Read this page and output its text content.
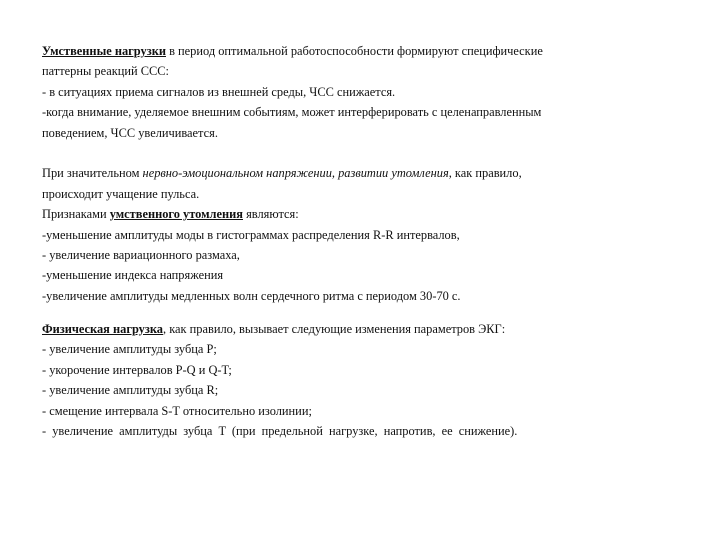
Умственные нагрузки в период оптимальной работоспособности формируют специфические
паттерны реакций ССС:
- в ситуациях приема сигналов из внешней среды, ЧСС снижается.
-когда внимание, уделяемое внешним событиям, может интерферировать с целенаправленным
поведением, ЧСС увеличивается.
При значительном нервно-эмоциональном напряжении, развитии утомления, как правило,
происходит учащение пульса.
Признаками умственного утомления являются:
-уменьшение амплитуды моды в гистограммах распределения R-R интервалов,
- увеличение вариационного размаха,
-уменьшение индекса напряжения
-увеличение амплитуды медленных волн сердечного ритма с периодом 30-70 с.
Физическая нагрузка, как правило, вызывает следующие изменения параметров ЭКГ:
- увеличение амплитуды зубца P;
- укорочение интервалов P-Q и Q-T;
- увеличение амплитуды зубца R;
- смещение интервала S-T относительно изолинии;
- увеличение амплитуды зубца T (при предельной нагрузке, напротив, ее снижение).
